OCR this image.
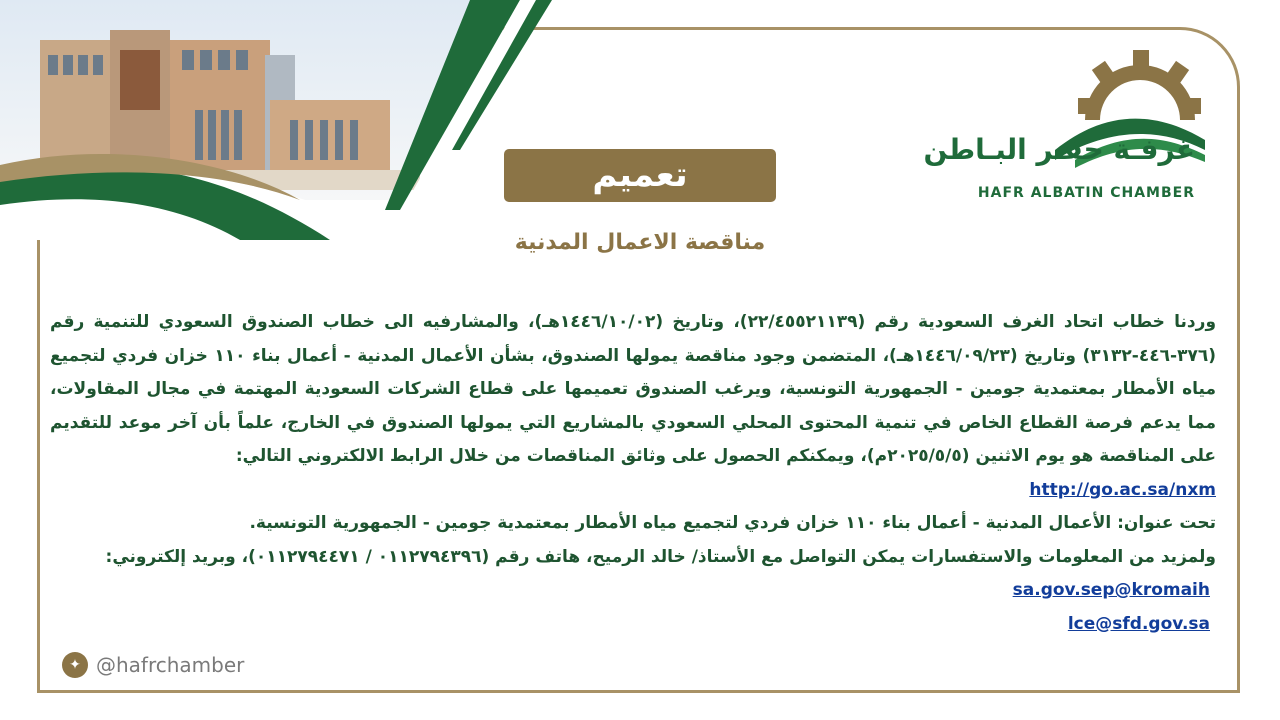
غرفـة حفـر البـاطن
HAFR ALBATIN CHAMBER
تعميم
مناقصة الاعمال المدنية

وردنا خطاب اتحاد الغرف السعودية رقم (٢٢/٤٥٥٢١١٣٩)، وتاريخ (١٤٤٦/١٠/٠٢هـ)، والمشارفيه الى خطاب الصندوق السعودي للتنمية رقم (٣٧٦-٤٤٦-٣١٣٢) وتاريخ (١٤٤٦/٠٩/٢٣هـ)، المتضمن وجود مناقصة يمولها الصندوق، بشأن الأعمال المدنية - أعمال بناء ١١٠ خزان فردي لتجميع مياه الأمطار بمعتمدية جومين - الجمهورية التونسية، ويرغب الصندوق تعميمها على قطاع الشركات السعودية المهتمة في مجال المقاولات، مما يدعم فرصة القطاع الخاص في تنمية المحتوى المحلي السعودي بالمشاريع التي يمولها الصندوق في الخارج، علماً بأن آخر موعد للتقديم على المناقصة هو يوم الاثنين (٢٠٢٥/٥/٥م)، ويمكنكم الحصول على وثائق المناقصات من خلال الرابط الالكتروني التالي:

http://go.ac.sa/nxm

تحت عنوان: الأعمال المدنية - أعمال بناء ١١٠ خزان فردي لتجميع مياه الأمطار بمعتمدية جومين - الجمهورية التونسية.

ولمزيد من المعلومات والاستفسارات يمكن التواصل مع الأستاذ/ خالد الرميح، هاتف رقم (٠١١٢٧٩٤٣٩٦ / ٠١١٢٧٩٤٤٧١)، وبريد إلكتروني:

sa.gov.sep@kromaih
lce@sfd.gov.sa
✦ @hafrchamber
